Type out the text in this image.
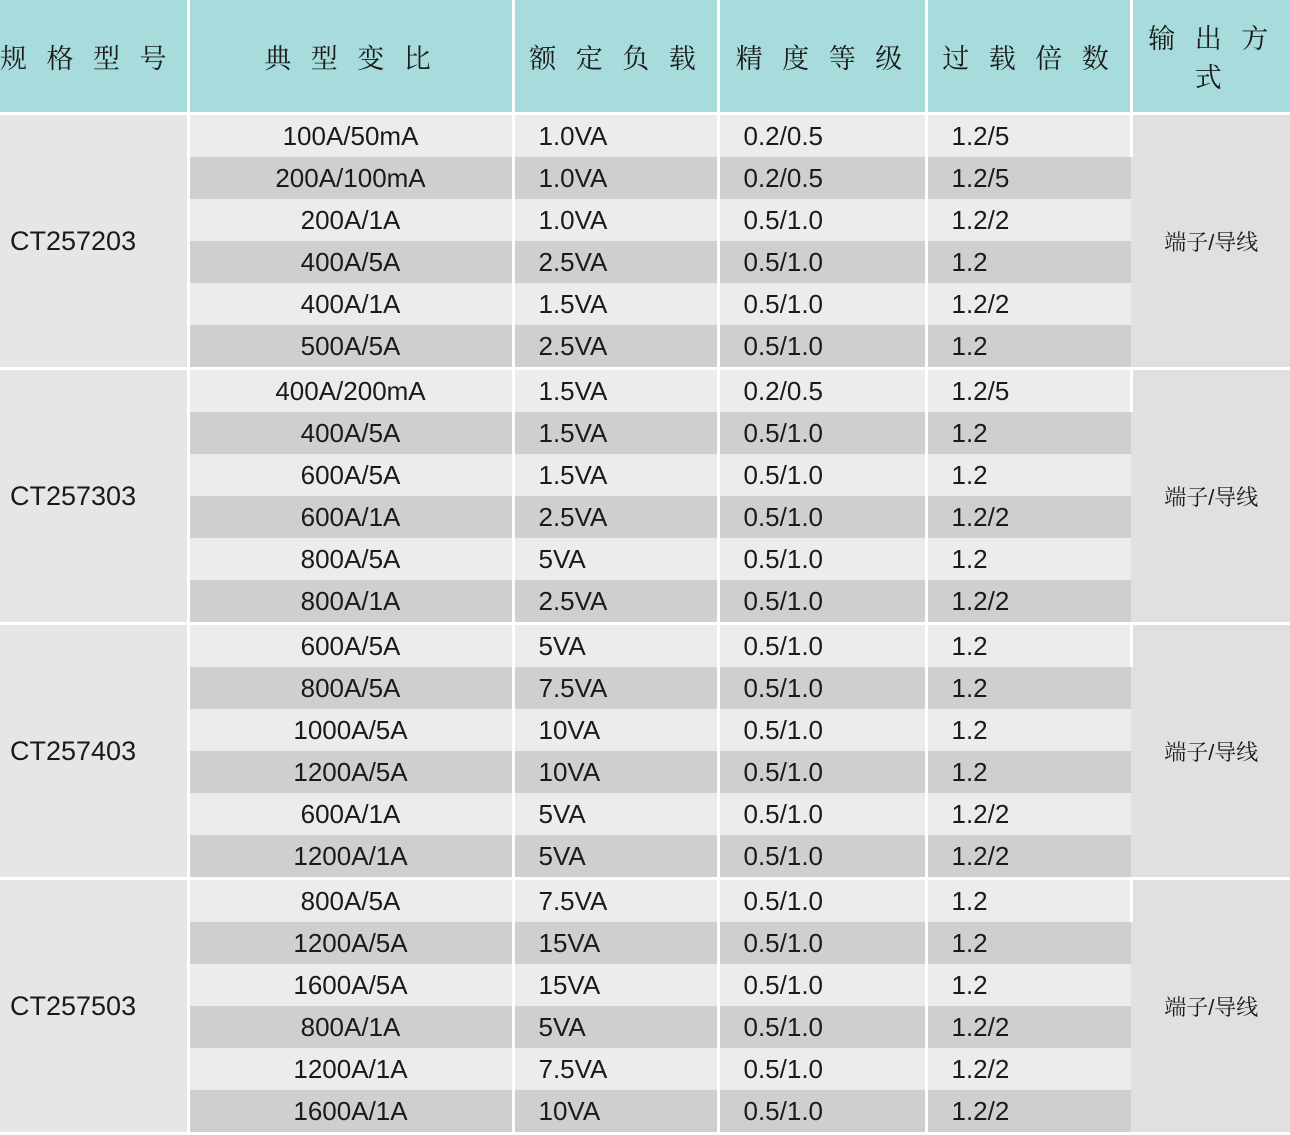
规 格 型 号	典 型 变 比	额 定 负 载	精 度 等 级	过 载 倍 数	输 出 方 式
CT257203	100A/50mA	1.0VA	0.2/0.5	1.2/5	端子/导线
	200A/100mA	1.0VA	0.2/0.5	1.2/5	
	200A/1A	1.0VA	0.5/1.0	1.2/2	
	400A/5A	2.5VA	0.5/1.0	1.2	
	400A/1A	1.5VA	0.5/1.0	1.2/2	
	500A/5A	2.5VA	0.5/1.0	1.2	
CT257303	400A/200mA	1.5VA	0.2/0.5	1.2/5	端子/导线
	400A/5A	1.5VA	0.5/1.0	1.2	
	600A/5A	1.5VA	0.5/1.0	1.2	
	600A/1A	2.5VA	0.5/1.0	1.2/2	
	800A/5A	5VA	0.5/1.0	1.2	
	800A/1A	2.5VA	0.5/1.0	1.2/2	
CT257403	600A/5A	5VA	0.5/1.0	1.2	端子/导线
	800A/5A	7.5VA	0.5/1.0	1.2	
	1000A/5A	10VA	0.5/1.0	1.2	
	1200A/5A	10VA	0.5/1.0	1.2	
	600A/1A	5VA	0.5/1.0	1.2/2	
	1200A/1A	5VA	0.5/1.0	1.2/2	
CT257503	800A/5A	7.5VA	0.5/1.0	1.2	端子/导线
	1200A/5A	15VA	0.5/1.0	1.2	
	1600A/5A	15VA	0.5/1.0	1.2	
	800A/1A	5VA	0.5/1.0	1.2/2	
	1200A/1A	7.5VA	0.5/1.0	1.2/2	
	1600A/1A	10VA	0.5/1.0	1.2/2	
